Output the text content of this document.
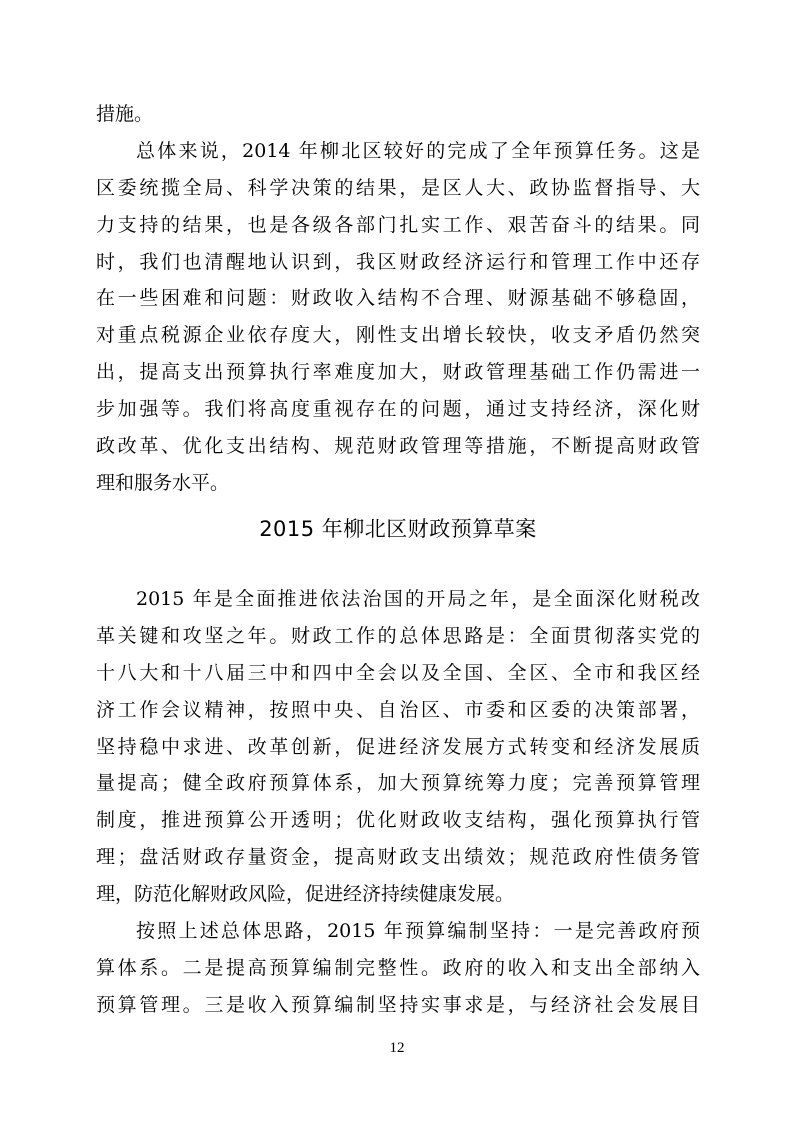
措施。
总体来说，2014 年柳北区较好的完成了全年预算任务。这是
区委统揽全局、科学决策的结果，是区人大、政协监督指导、大
力支持的结果，也是各级各部门扎实工作、艰苦奋斗的结果。同
时，我们也清醒地认识到，我区财政经济运行和管理工作中还存
在一些困难和问题：财政收入结构不合理、财源基础不够稳固，
对重点税源企业依存度大，刚性支出增长较快，收支矛盾仍然突
出，提高支出预算执行率难度加大，财政管理基础工作仍需进一
步加强等。我们将高度重视存在的问题，通过支持经济，深化财
政改革、优化支出结构、规范财政管理等措施，不断提高财政管
理和服务水平。
2015 年柳北区财政预算草案
2015 年是全面推进依法治国的开局之年，是全面深化财税改
革关键和攻坚之年。财政工作的总体思路是：全面贯彻落实党的
十八大和十八届三中和四中全会以及全国、全区、全市和我区经
济工作会议精神，按照中央、自治区、市委和区委的决策部署，
坚持稳中求进、改革创新，促进经济发展方式转变和经济发展质
量提高；健全政府预算体系，加大预算统筹力度；完善预算管理
制度，推进预算公开透明；优化财政收支结构，强化预算执行管
理；盘活财政存量资金，提高财政支出绩效；规范政府性债务管
理，防范化解财政风险，促进经济持续健康发展。
按照上述总体思路，2015 年预算编制坚持：一是完善政府预
算体系。二是提高预算编制完整性。政府的收入和支出全部纳入
预算管理。三是收入预算编制坚持实事求是，与经济社会发展目
12
